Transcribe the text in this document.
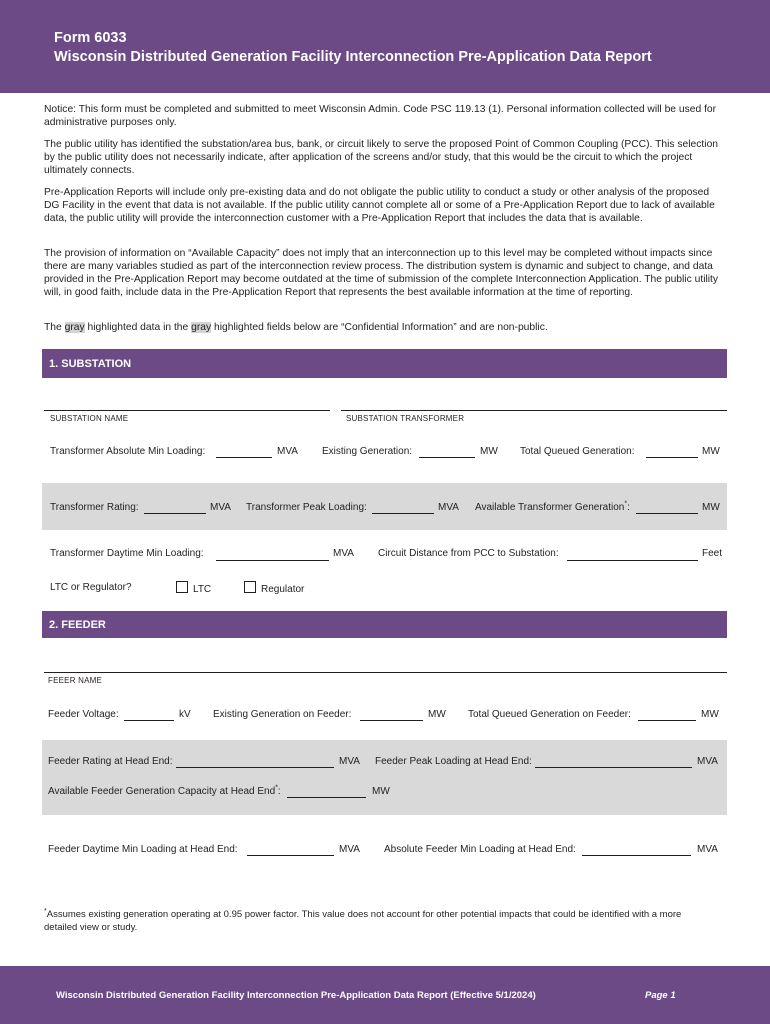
Form 6033
Wisconsin Distributed Generation Facility Interconnection Pre-Application Data Report
Notice: This form must be completed and submitted to meet Wisconsin Admin. Code PSC 119.13 (1). Personal information collected will be used for administrative purposes only.
The public utility has identified the substation/area bus, bank, or circuit likely to serve the proposed Point of Common Coupling (PCC). This selection by the public utility does not necessarily indicate, after application of the screens and/or study, that this would be the circuit to which the project ultimately connects.
Pre-Application Reports will include only pre-existing data and do not obligate the public utility to conduct a study or other analysis of the proposed DG Facility in the event that data is not available. If the public utility cannot complete all or some of a Pre-Application Report due to lack of available data, the public utility will provide the interconnection customer with a Pre-Application Report that includes the data that is available.
The provision of information on “Available Capacity” does not imply that an interconnection up to this level may be completed without impacts since there are many variables studied as part of the interconnection review process. The distribution system is dynamic and subject to change, and data provided in the Pre-Application Report may become outdated at the time of submission of the complete Interconnection Application. The public utility will, in good faith, include data in the Pre-Application Report that represents the best available information at the time of reporting.
The gray highlighted data in the gray highlighted fields below are “Confidential Information” and are non-public.
1. SUBSTATION
SUBSTATION NAME	SUBSTATION TRANSFORMER
Transformer Absolute Min Loading:	MVA Existing Generation:	MW Total Queued Generation:	MW
Transformer Rating:	MVA Transformer Peak Loading:	MVA Available Transformer Generation*:	MW
Transformer Daytime Min Loading:	MVA Circuit Distance from PCC to Substation:	Feet
LTC or Regulator?	LTC	Regulator
2. FEEDER
FEEER NAME
Feeder Voltage:	kV Existing Generation on Feeder:	MW Total Queued Generation on Feeder:	MW
Feeder Rating at Head End:	MVA Feeder Peak Loading at Head End:	MVA
Available Feeder Generation Capacity at Head End*:	MW
Feeder Daytime Min Loading at Head End:	MVA Absolute Feeder Min Loading at Head End:	MVA
*Assumes existing generation operating at 0.95 power factor. This value does not account for other potential impacts that could be identified with a more detailed view or study.
Wisconsin Distributed Generation Facility Interconnection Pre-Application Data Report (Effective 5/1/2024)	Page 1
